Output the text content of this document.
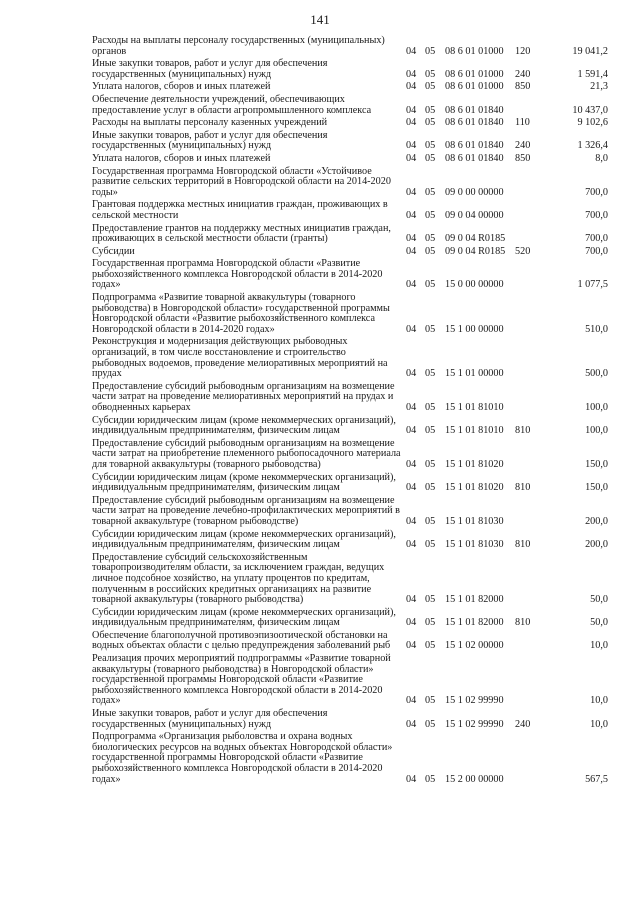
141
Расходы на выплаты персоналу государственных (муниципальных) органов	04	05	08 6 01 01000	120	19 041,2
Иные закупки товаров, работ и услуг для обеспечения государственных (муниципальных) нужд	04	05	08 6 01 01000	240	1 591,4
Уплата налогов, сборов и иных платежей	04	05	08 6 01 01000	850	21,3
Обеспечение деятельности учреждений, обеспечивающих предоставление услуг в области агропромышленного комплекса	04	05	08 6 01 01840		10 437,0
Расходы на выплаты персоналу казенных учреждений	04	05	08 6 01 01840	110	9 102,6
Иные закупки товаров, работ и услуг для обеспечения государственных (муниципальных) нужд	04	05	08 6 01 01840	240	1 326,4
Уплата налогов, сборов и иных платежей	04	05	08 6 01 01840	850	8,0
Государственная программа Новгородской области «Устойчивое развитие сельских территорий в Новгородской области на 2014-2020 годы»	04	05	09 0 00 00000		700,0
Грантовая поддержка местных инициатив граждан, проживающих в сельской местности	04	05	09 0 04 00000		700,0
Предоставление грантов на поддержку местных инициатив граждан, проживающих в сельской местности области (гранты)	04	05	09 0 04 R0185		700,0
Субсидии	04	05	09 0 04 R0185	520	700,0
Государственная программа Новгородской области «Развитие рыбохозяйственного комплекса Новгородской области в 2014-2020 годах»	04	05	15 0 00 00000		1 077,5
Подпрограмма «Развитие товарной аквакультуры (товарного рыбоводства) в Новгородской области» государственной программы Новгородской области «Развитие рыбохозяйственного комплекса Новгородской области в 2014-2020 годах»	04	05	15 1 00 00000		510,0
Реконструкция и модернизация действующих рыбоводных организаций, в том числе восстановление и строительство рыбоводных водоемов, проведение мелиоративных мероприятий на прудах	04	05	15 1 01 00000		500,0
Предоставление субсидий рыбоводным организациям на возмещение части затрат на проведение мелиоративных мероприятий на прудах и обводненных карьерах	04	05	15 1 01 81010		100,0
Субсидии юридическим лицам (кроме некоммерческих организаций), индивидуальным предпринимателям, физическим лицам	04	05	15 1 01 81010	810	100,0
Предоставление субсидий рыбоводным организациям на возмещение части затрат на приобретение племенного рыбопосадочного материала для товарной аквакультуры (товарного рыбоводства)	04	05	15 1 01 81020		150,0
Субсидии юридическим лицам (кроме некоммерческих организаций), индивидуальным предпринимателям, физическим лицам	04	05	15 1 01 81020	810	150,0
Предоставление субсидий рыбоводным организациям на возмещение части затрат на проведение лечебно-профилактических мероприятий в товарной аквакультуре (товарном рыбоводстве)	04	05	15 1 01 81030		200,0
Субсидии юридическим лицам (кроме некоммерческих организаций), индивидуальным предпринимателям, физическим лицам	04	05	15 1 01 81030	810	200,0
Предоставление субсидий сельскохозяйственным товаропроизводителям области, за исключением граждан, ведущих личное подсобное хозяйство, на уплату процентов по кредитам, полученным в российских кредитных организациях на развитие товарной аквакультуры (товарного рыбоводства)	04	05	15 1 01 82000		50,0
Субсидии юридическим лицам (кроме некоммерческих организаций), индивидуальным предпринимателям, физическим лицам	04	05	15 1 01 82000	810	50,0
Обеспечение благополучной противоэпизоотической обстановки на водных объектах области с целью предупреждения заболеваний рыб	04	05	15 1 02 00000		10,0
Реализация прочих мероприятий подпрограммы «Развитие товарной аквакультуры (товарного рыбоводства) в Новгородской области» государственной программы Новгородской области «Развитие рыбохозяйственного комплекса Новгородской области в 2014-2020 годах»	04	05	15 1 02 99990		10,0
Иные закупки товаров, работ и услуг для обеспечения государственных (муниципальных) нужд	04	05	15 1 02 99990	240	10,0
Подпрограмма «Организация рыболовства и охрана водных биологических ресурсов на водных объектах Новгородской области» государственной программы Новгородской области «Развитие рыбохозяйственного комплекса Новгородской области в 2014-2020 годах»	04	05	15 2 00 00000		567,5
